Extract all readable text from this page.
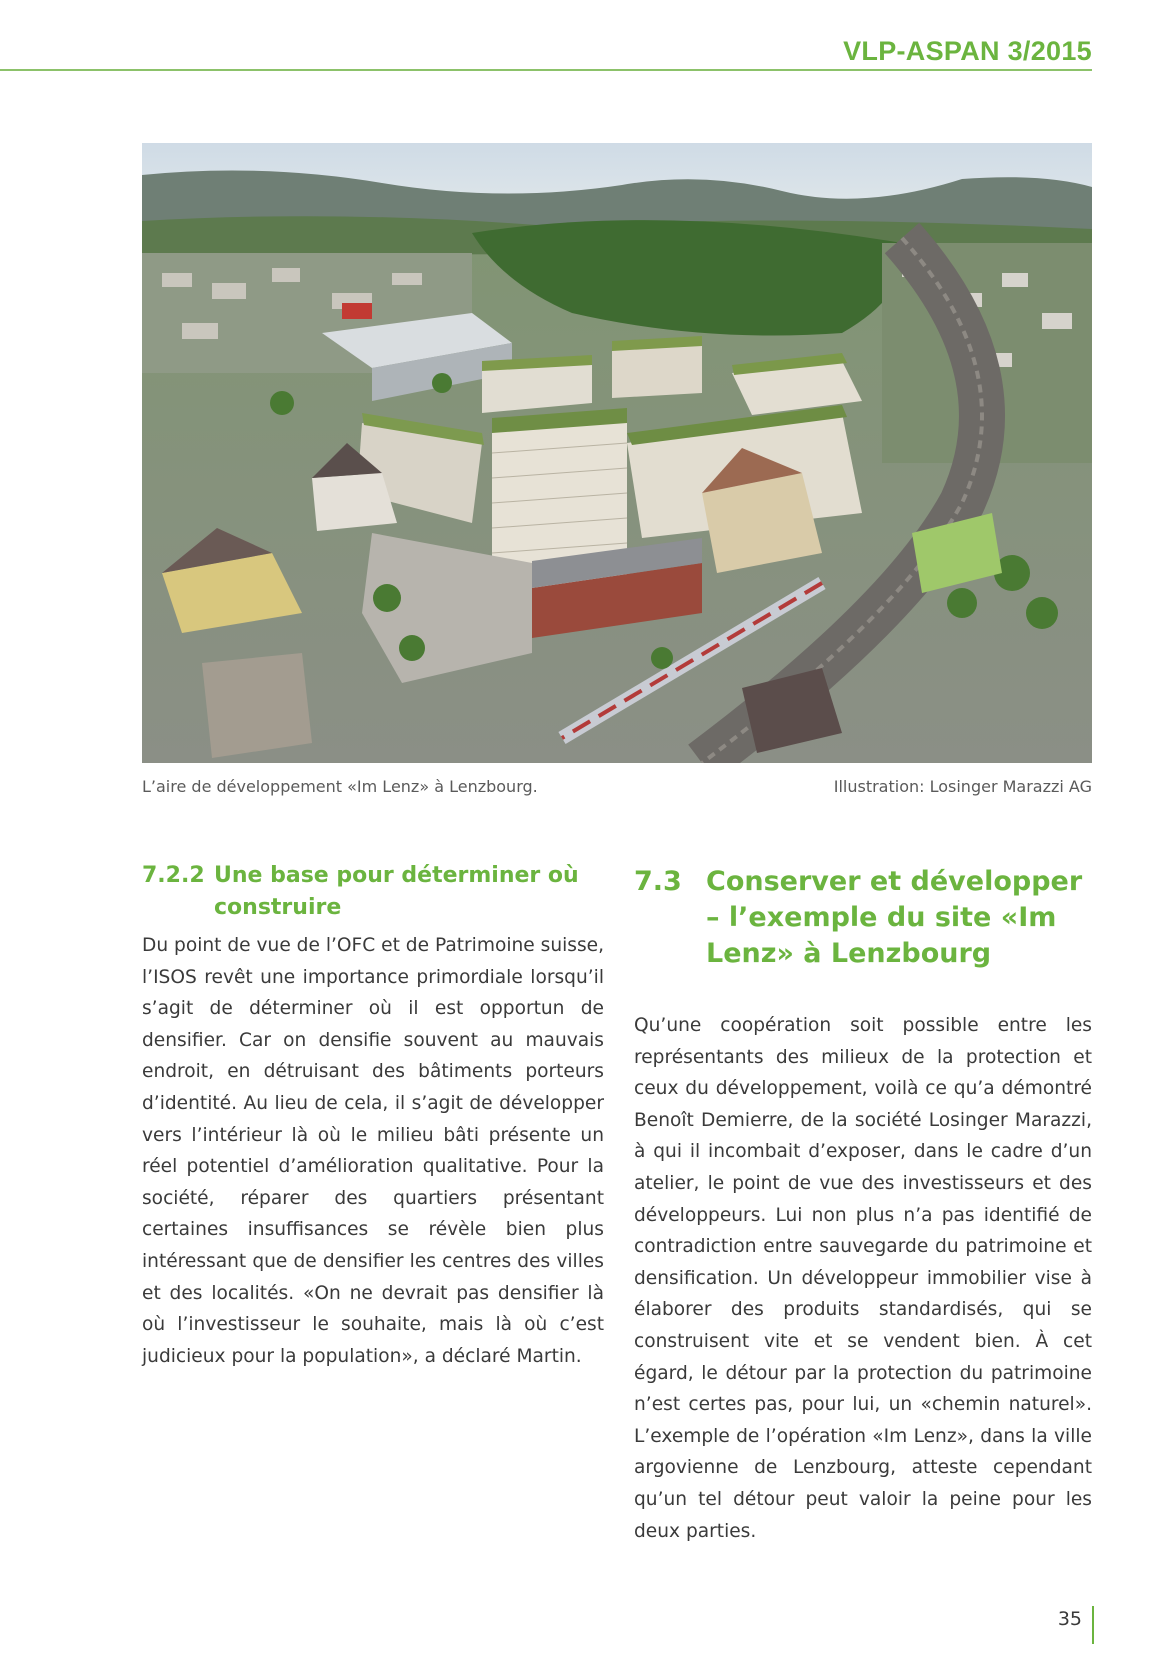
VLP-ASPAN 3/2015
L’aire de développement «Im Lenz» à Lenzbourg.	Illustration: Losinger Marazzi AG
7.2.2 Une base pour déterminer où construire

Du point de vue de l’OFC et de Patrimoine suisse, l’ISOS revêt une importance primordiale lorsqu’il s’agit de déterminer où il est opportun de densifier. Car on densifie souvent au mauvais endroit, en détruisant des bâtiments porteurs d’identité. Au lieu de cela, il s’agit de développer vers l’intérieur là où le milieu bâti présente un réel potentiel d’amélioration qualitative. Pour la société, réparer des quartiers présentant certaines insuffisances se révèle bien plus intéressant que de densifier les centres des villes et des localités. «On ne devrait pas densifier là où l’investisseur le souhaite, mais là où c’est judicieux pour la population», a déclaré Martin.

7.3 Conserver et développer – l’exemple du site «Im Lenz» à Lenzbourg

Qu’une coopération soit possible entre les représentants des milieux de la protection et ceux du développement, voilà ce qu’a démontré Benoît Demierre, de la société Losinger Marazzi, à qui il incombait d’exposer, dans le cadre d’un atelier, le point de vue des investisseurs et des développeurs. Lui non plus n’a pas identifié de contradiction entre sauvegarde du patrimoine et densification. Un développeur immobilier vise à élaborer des produits standardisés, qui se construisent vite et se vendent bien. À cet égard, le détour par la protection du patrimoine n’est certes pas, pour lui, un «chemin naturel». L’exemple de l’opération «Im Lenz», dans la ville argovienne de Lenzbourg, atteste cependant qu’un tel détour peut valoir la peine pour les deux parties.

35
